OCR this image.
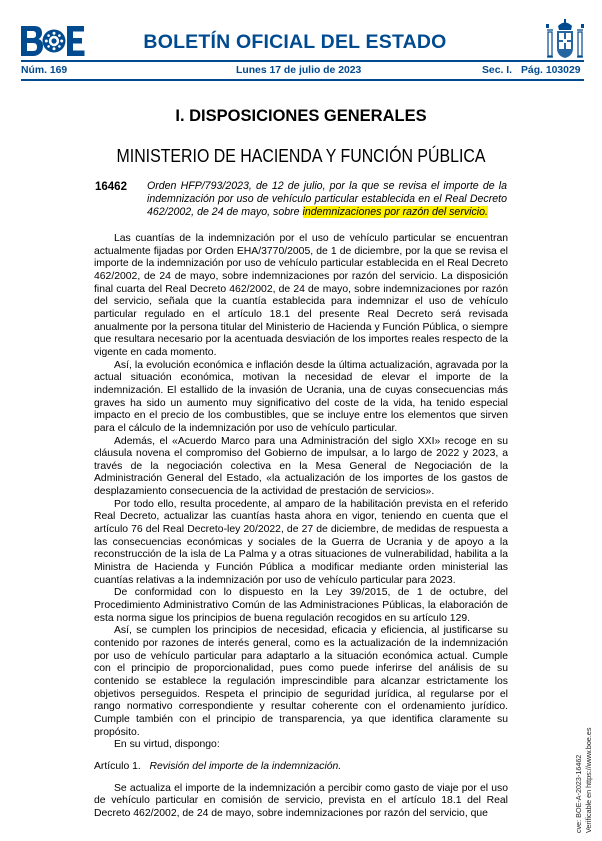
BOLETÍN OFICIAL DEL ESTADO
Núm. 169	Lunes 17 de julio de 2023	Sec. I. Pág. 103029
I. DISPOSICIONES GENERALES
MINISTERIO DE HACIENDA Y FUNCIÓN PÚBLICA
16462 Orden HFP/793/2023, de 12 de julio, por la que se revisa el importe de la indemnización por uso de vehículo particular establecida en el Real Decreto 462/2002, de 24 de mayo, sobre indemnizaciones por razón del servicio.

Las cuantías de la indemnización por el uso de vehículo particular se encuentran actualmente fijadas por Orden EHA/3770/2005, de 1 de diciembre, por la que se revisa el importe de la indemnización por uso de vehículo particular establecida en el Real Decreto 462/2002, de 24 de mayo, sobre indemnizaciones por razón del servicio. La disposición final cuarta del Real Decreto 462/2002, de 24 de mayo, sobre indemnizaciones por razón del servicio, señala que la cuantía establecida para indemnizar el uso de vehículo particular regulado en el artículo 18.1 del presente Real Decreto será revisada anualmente por la persona titular del Ministerio de Hacienda y Función Pública, o siempre que resultara necesario por la acentuada desviación de los importes reales respecto de la vigente en cada momento.

Así, la evolución económica e inflación desde la última actualización, agravada por la actual situación económica, motivan la necesidad de elevar el importe de la indemnización. El estallido de la invasión de Ucrania, una de cuyas consecuencias más graves ha sido un aumento muy significativo del coste de la vida, ha tenido especial impacto en el precio de los combustibles, que se incluye entre los elementos que sirven para el cálculo de la indemnización por uso de vehículo particular.

Además, el «Acuerdo Marco para una Administración del siglo XXI» recoge en su cláusula novena el compromiso del Gobierno de impulsar, a lo largo de 2022 y 2023, a través de la negociación colectiva en la Mesa General de Negociación de la Administración General del Estado, «la actualización de los importes de los gastos de desplazamiento consecuencia de la actividad de prestación de servicios».

Por todo ello, resulta procedente, al amparo de la habilitación prevista en el referido Real Decreto, actualizar las cuantías hasta ahora en vigor, teniendo en cuenta que el artículo 76 del Real Decreto-ley 20/2022, de 27 de diciembre, de medidas de respuesta a las consecuencias económicas y sociales de la Guerra de Ucrania y de apoyo a la reconstrucción de la isla de La Palma y a otras situaciones de vulnerabilidad, habilita a la Ministra de Hacienda y Función Pública a modificar mediante orden ministerial las cuantías relativas a la indemnización por uso de vehículo particular para 2023.

De conformidad con lo dispuesto en la Ley 39/2015, de 1 de octubre, del Procedimiento Administrativo Común de las Administraciones Públicas, la elaboración de esta norma sigue los principios de buena regulación recogidos en su artículo 129.

Así, se cumplen los principios de necesidad, eficacia y eficiencia, al justificarse su contenido por razones de interés general, como es la actualización de la indemnización por uso de vehículo particular para adaptarlo a la situación económica actual. Cumple con el principio de proporcionalidad, pues como puede inferirse del análisis de su contenido se establece la regulación imprescindible para alcanzar estrictamente los objetivos perseguidos. Respeta el principio de seguridad jurídica, al regularse por el rango normativo correspondiente y resultar coherente con el ordenamiento jurídico. Cumple también con el principio de transparencia, ya que identifica claramente su propósito.

En su virtud, dispongo:

Artículo 1. Revisión del importe de la indemnización.

Se actualiza el importe de la indemnización a percibir como gasto de viaje por el uso de vehículo particular en comisión de servicio, prevista en el artículo 18.1 del Real Decreto 462/2002, de 24 de mayo, sobre indemnizaciones por razón del servicio, que	cve: BOE-A-2023-16462 Verificable en https://www.boe.es
